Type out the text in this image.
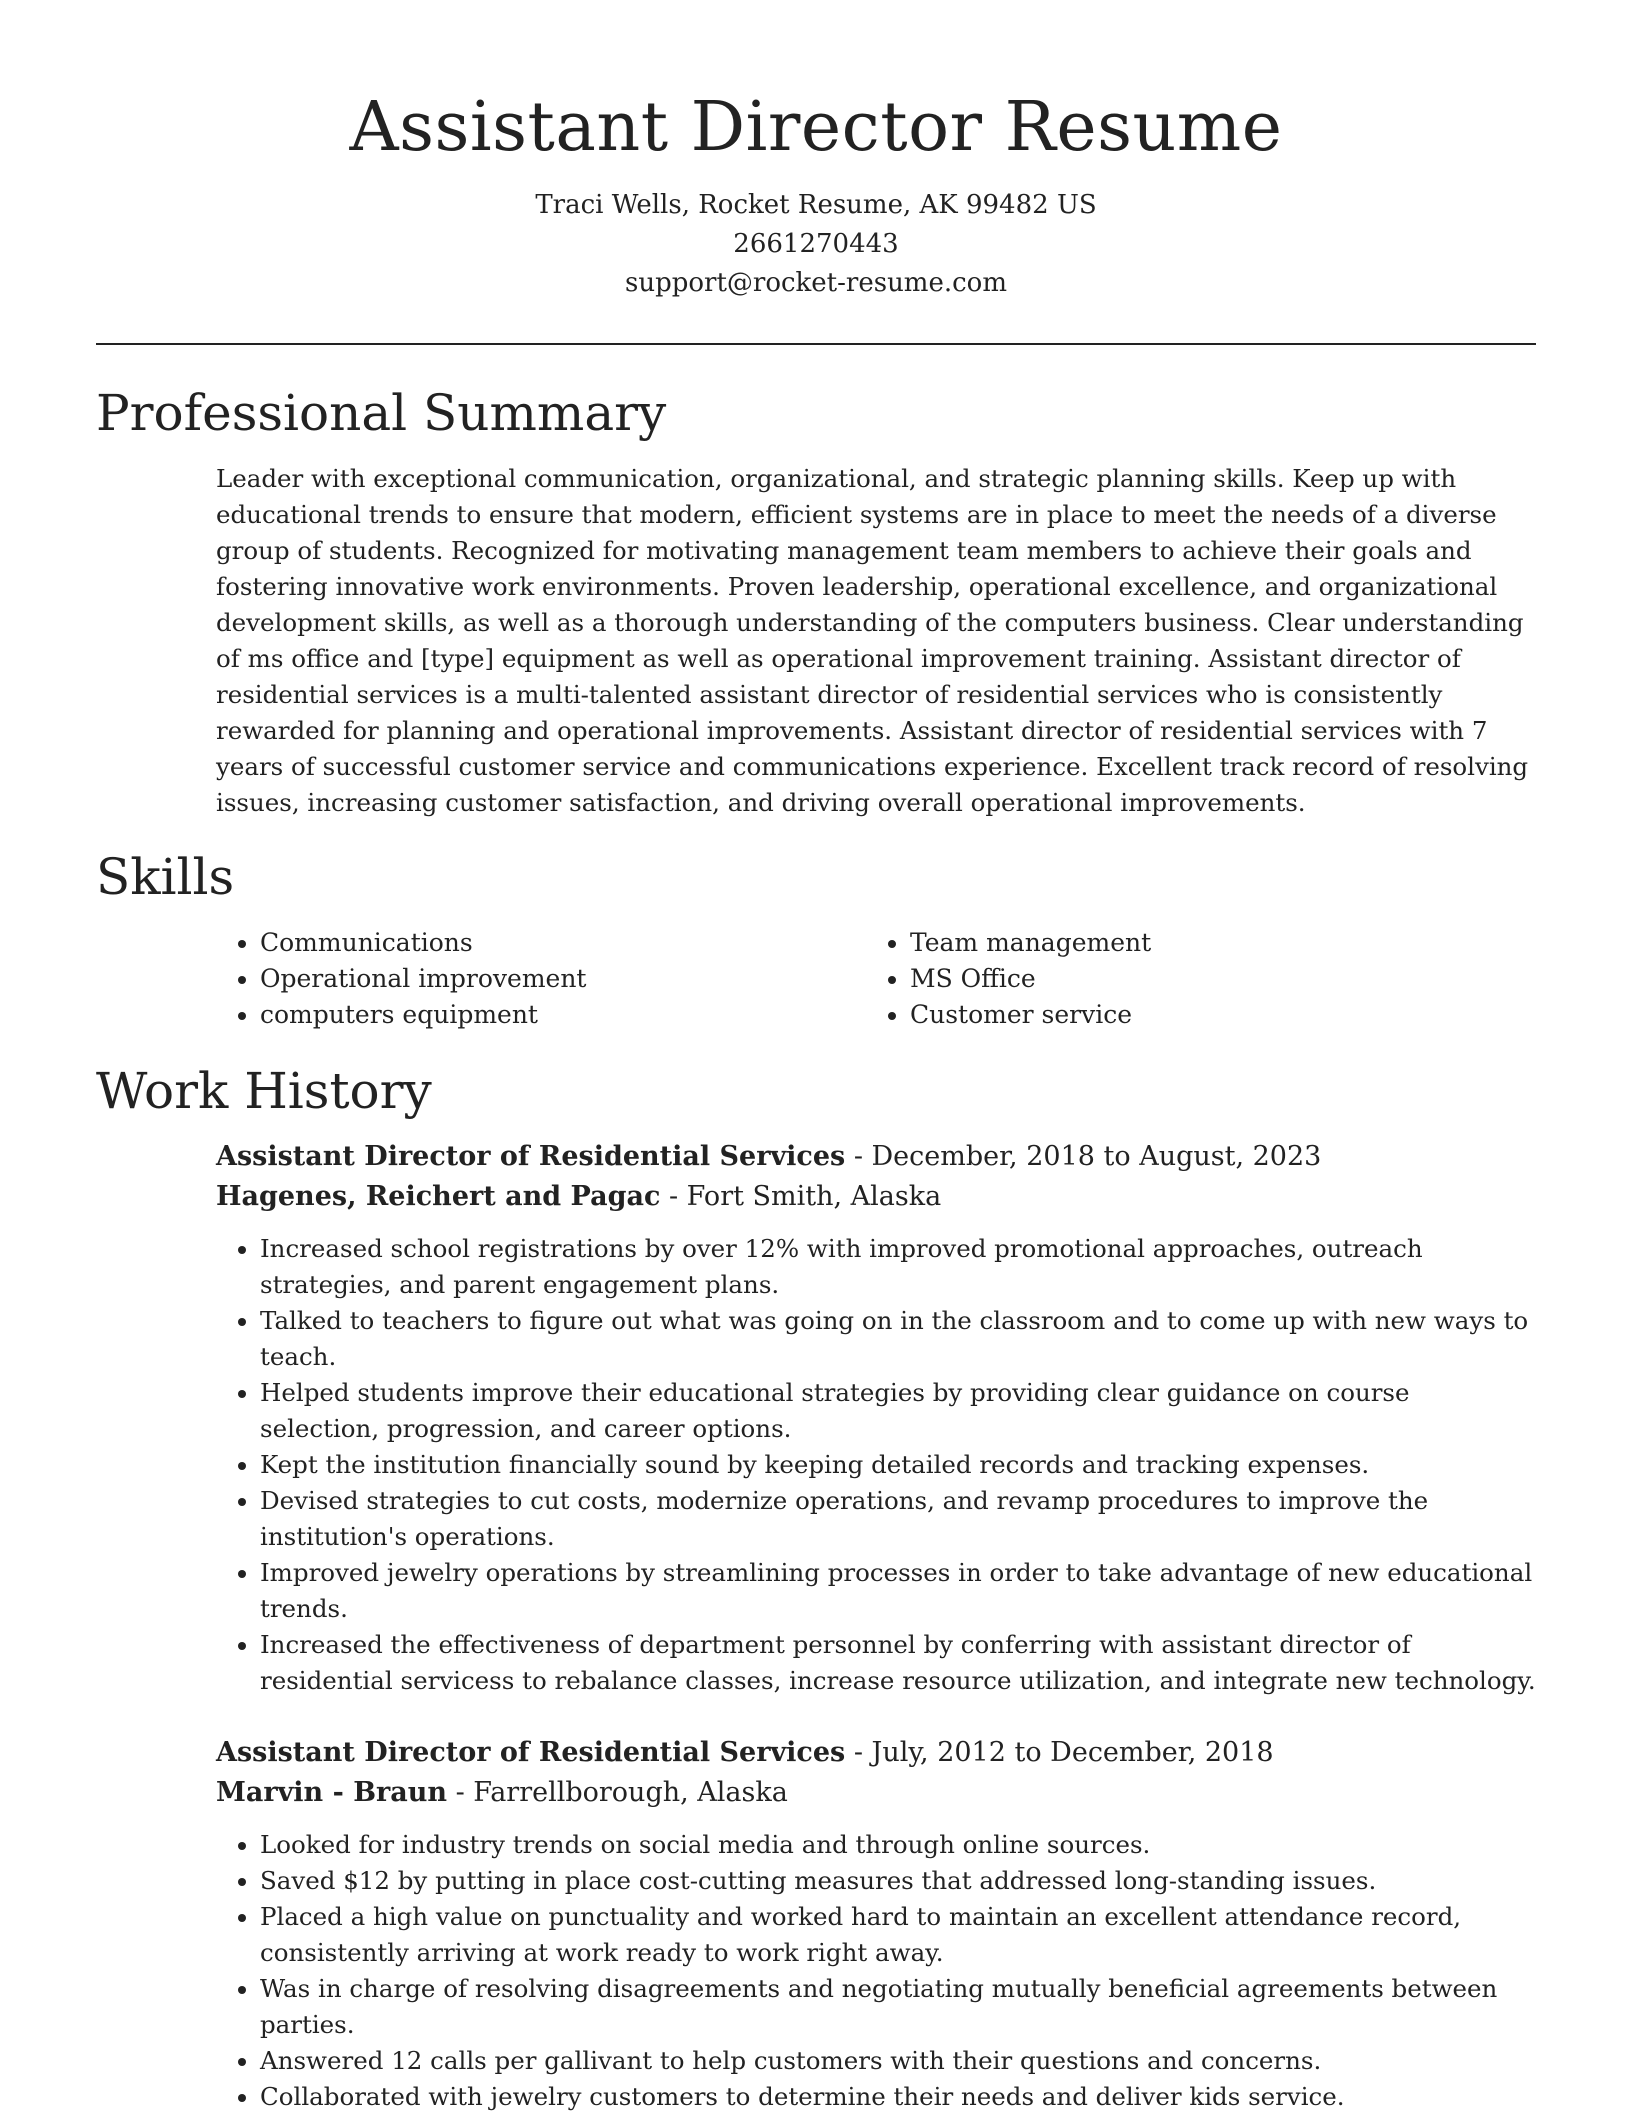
Assistant Director Resume
Traci Wells, Rocket Resume, AK 99482 US
2661270443
support@rocket-resume.com
Professional Summary

Leader with exceptional communication, organizational, and strategic planning skills. Keep up with educational trends to ensure that modern, efficient systems are in place to meet the needs of a diverse group of students. Recognized for motivating management team members to achieve their goals and fostering innovative work environments. Proven leadership, operational excellence, and organizational development skills, as well as a thorough understanding of the computers business. Clear understanding of ms office and [type] equipment as well as operational improvement training. Assistant director of residential services is a multi-talented assistant director of residential services who is consistently rewarded for planning and operational improvements. Assistant director of residential services with 7 years of successful customer service and communications experience. Excellent track record of resolving issues, increasing customer satisfaction, and driving overall operational improvements.

Skills
• Communications
• Operational improvement
• computers equipment
• Team management
• MS Office
• Customer service
Work History
Assistant Director of Residential Services - December, 2018 to August, 2023
Hagenes, Reichert and Pagac - Fort Smith, Alaska
• Increased school registrations by over 12% with improved promotional approaches, outreach strategies, and parent engagement plans.
• Talked to teachers to figure out what was going on in the classroom and to come up with new ways to teach.
• Helped students improve their educational strategies by providing clear guidance on course selection, progression, and career options.
• Kept the institution financially sound by keeping detailed records and tracking expenses.
• Devised strategies to cut costs, modernize operations, and revamp procedures to improve the institution's operations.
• Improved jewelry operations by streamlining processes in order to take advantage of new educational trends.
• Increased the effectiveness of department personnel by conferring with assistant director of residential servicess to rebalance classes, increase resource utilization, and integrate new technology.
Assistant Director of Residential Services - July, 2012 to December, 2018
Marvin - Braun - Farrellborough, Alaska
• Looked for industry trends on social media and through online sources.
• Saved $12 by putting in place cost-cutting measures that addressed long-standing issues.
• Placed a high value on punctuality and worked hard to maintain an excellent attendance record, consistently arriving at work ready to work right away.
• Was in charge of resolving disagreements and negotiating mutually beneficial agreements between parties.
• Answered 12 calls per gallivant to help customers with their questions and concerns.
• Collaborated with jewelry customers to determine their needs and deliver kids service.
